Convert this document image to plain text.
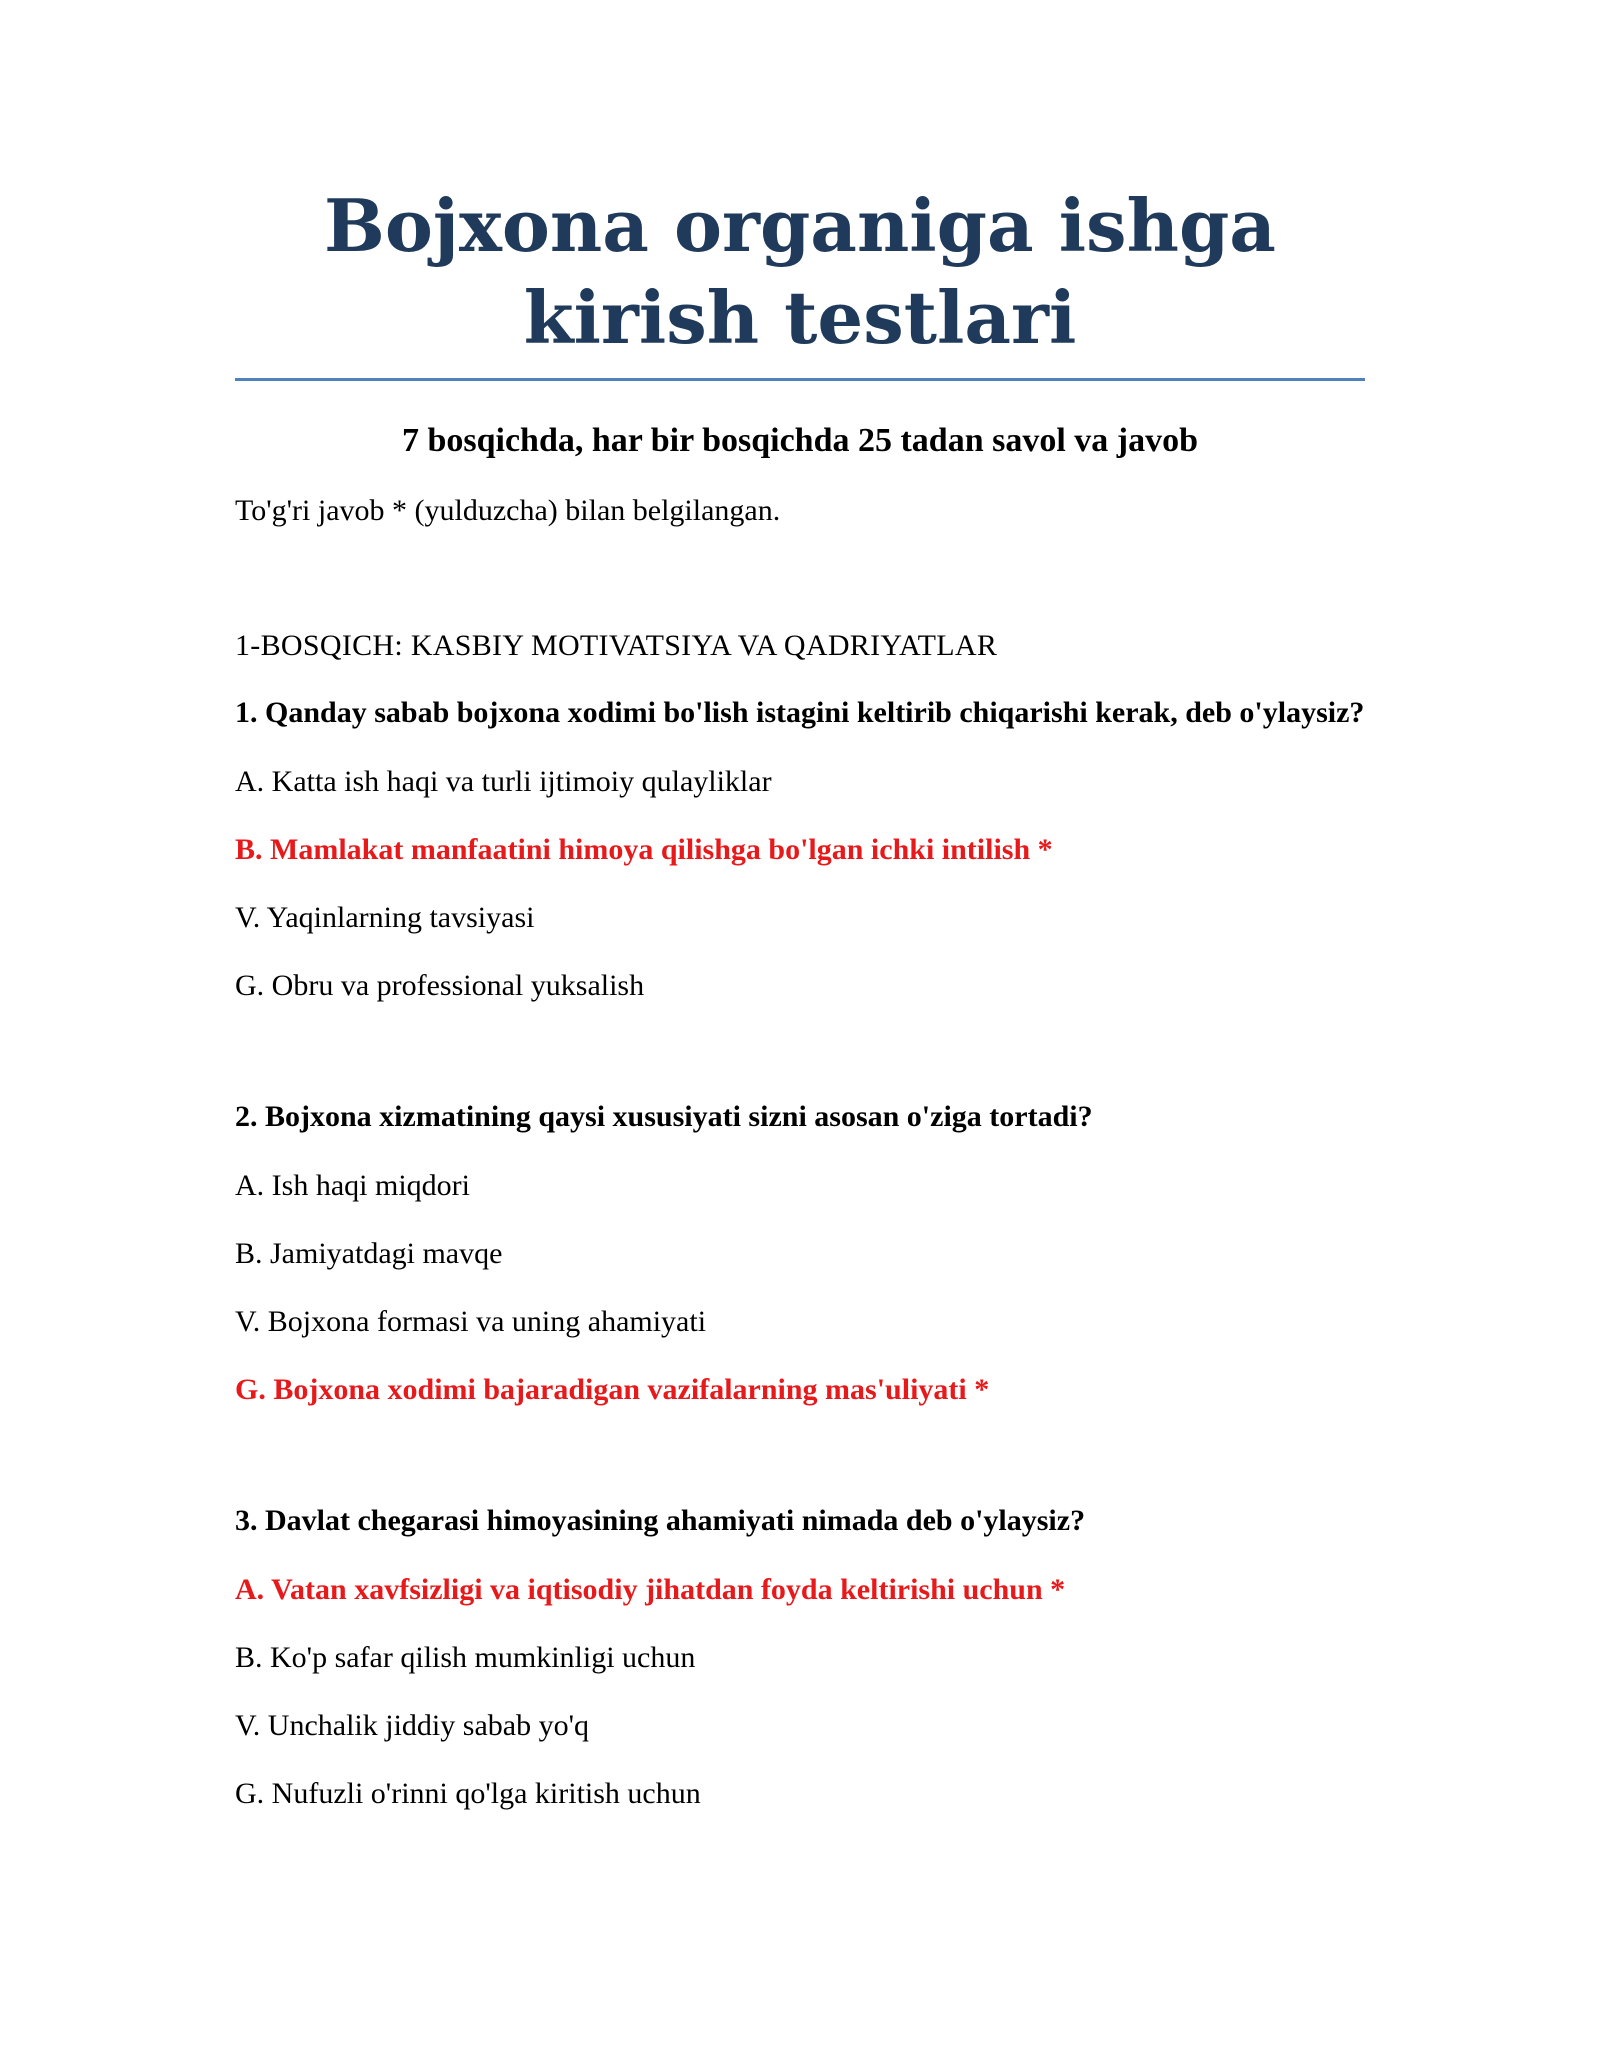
Bojxona organiga ishga kirish testlari
7 bosqichda, har bir bosqichda 25 tadan savol va javob
To'g'ri javob * (yulduzcha) bilan belgilangan.
1-BOSQICH: KASBIY MOTIVATSIYA VA QADRIYATLAR
1. Qanday sabab bojxona xodimi bo'lish istagini keltirib chiqarishi kerak, deb o'ylaysiz?
A. Katta ish haqi va turli ijtimoiy qulayliklar
B. Mamlakat manfaatini himoya qilishga bo'lgan ichki intilish *
V. Yaqinlarning tavsiyasi
G. Obru va professional yuksalish
2. Bojxona xizmatining qaysi xususiyati sizni asosan o'ziga tortadi?
A. Ish haqi miqdori
B. Jamiyatdagi mavqe
V. Bojxona formasi va uning ahamiyati
G. Bojxona xodimi bajaradigan vazifalarning mas'uliyati *
3. Davlat chegarasi himoyasining ahamiyati nimada deb o'ylaysiz?
A. Vatan xavfsizligi va iqtisodiy jihatdan foyda keltirishi uchun *
B. Ko'p safar qilish mumkinligi uchun
V. Unchalik jiddiy sabab yo'q
G. Nufuzli o'rinni qo'lga kiritish uchun
